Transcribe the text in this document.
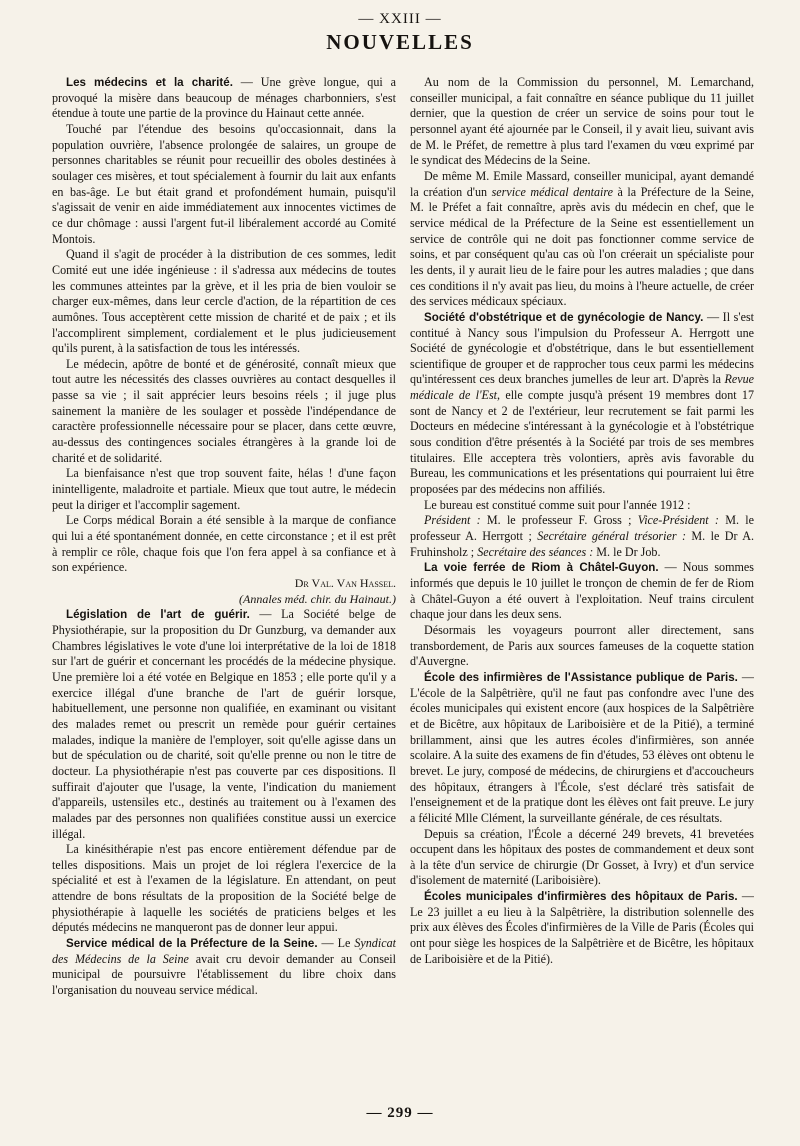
— XXIII —
NOUVELLES

Les médecins et la charité. — Une grève longue, qui a provoqué la misère dans beaucoup de ménages charbonniers, s'est étendue à toute une partie de la province du Hainaut cette année.

Touché par l'étendue des besoins qu'occasionnait, dans la population ouvrière, l'absence prolongée de salaires, un groupe de personnes charitables se réunit pour recueillir des oboles destinées à soulager ces misères, et tout spécialement à fournir du lait aux enfants en bas-âge. Le but était grand et profondément humain, puisqu'il s'agissait de venir en aide immédiatement aux innocentes victimes de ce dur chômage : aussi l'argent fut-il libéralement accordé au Comité Montois.

Quand il s'agit de procéder à la distribution de ces sommes, ledit Comité eut une idée ingénieuse : il s'adressa aux médecins de toutes les communes atteintes par la grève, et il les pria de bien vouloir se charger eux-mêmes, dans leur cercle d'action, de la répartition de ces aumônes. Tous acceptèrent cette mission de charité et de paix ; et ils l'accomplirent simplement, cordialement et le plus judicieusement qu'ils purent, à la satisfaction de tous les intéressés.

Le médecin, apôtre de bonté et de générosité, connaît mieux que tout autre les nécessités des classes ouvrières au contact desquelles il passe sa vie ; il sait apprécier leurs besoins réels ; il juge plus sainement la manière de les soulager et possède l'indépendance de caractère professionnelle nécessaire pour se placer, dans cette œuvre, au-dessus des contingences sociales étrangères à la grande loi de charité et de solidarité.

La bienfaisance n'est que trop souvent faite, hélas ! d'une façon inintelligente, maladroite et partiale. Mieux que tout autre, le médecin peut la diriger et l'accomplir sagement.

Le Corps médical Borain a été sensible à la marque de confiance qui lui a été spontanément donnée, en cette circonstance ; et il est prêt à remplir ce rôle, chaque fois que l'on fera appel à sa confiance et à son expérience.

Dr Val. Van Hassel.
(Annales méd. chir. du Hainaut.)

Législation de l'art de guérir. — La Société belge de Physiothérapie, sur la proposition du Dr Gunzburg, va demander aux Chambres législatives le vote d'une loi interprétative de la loi de 1818 sur l'art de guérir et concernant les procédés de la médecine physique. Une première loi a été votée en Belgique en 1853 ; elle porte qu'il y a exercice illégal d'une branche de l'art de guérir lorsque, habituellement, une personne non qualifiée, en examinant ou visitant des malades remet ou prescrit un remède pour guérir certaines malades, indique la manière de l'employer, soit qu'elle agisse dans un but de spéculation ou de charité, soit qu'elle prenne ou non le titre de docteur. La physiothérapie n'est pas couverte par ces dispositions. Il suffirait d'ajouter que l'usage, la vente, l'indication du maniement d'appareils, ustensiles etc., destinés au traitement ou à l'examen des malades par des personnes non qualifiées constitue aussi un exercice illégal.

La kinésithérapie n'est pas encore entièrement défendue par de telles dispositions. Mais un projet de loi réglera l'exercice de la spécialité et est à l'examen de la législature. En attendant, on peut attendre de bons résultats de la proposition de la Société belge de physiothérapie à laquelle les sociétés de praticiens belges et les députés médecins ne manqueront pas de donner leur appui.

Service médical de la Préfecture de la Seine. — Le Syndicat des Médecins de la Seine avait cru devoir demander au Conseil municipal de poursuivre l'établissement du libre choix dans l'organisation du nouveau service médical.

Au nom de la Commission du personnel, M. Lemarchand, conseiller municipal, a fait connaître en séance publique du 11 juillet dernier, que la question de créer un service de soins pour tout le personnel ayant été ajournée par le Conseil, il y avait lieu, suivant avis de M. le Préfet, de remettre à plus tard l'examen du vœu exprimé par le syndicat des Médecins de la Seine.

De même M. Emile Massard, conseiller municipal, ayant demandé la création d'un service médical dentaire à la Préfecture de la Seine, M. le Préfet a fait connaître, après avis du médecin en chef, que le service médical de la Préfecture de la Seine est essentiellement un service de contrôle qui ne doit pas fonctionner comme service de soins, et par conséquent qu'au cas où l'on créerait un spécialiste pour les dents, il y aurait lieu de le faire pour les autres maladies ; que dans ces conditions il n'y avait pas lieu, du moins à l'heure actuelle, de créer des services médicaux spéciaux.

Société d'obstétrique et de gynécologie de Nancy. — Il s'est contitué à Nancy sous l'impulsion du Professeur A. Herrgott une Société de gynécologie et d'obstétrique, dans le but essentiellement scientifique de grouper et de rapprocher tous ceux parmi les médecins qu'intéressent ces deux branches jumelles de leur art. D'après la Revue médicale de l'Est, elle compte jusqu'à présent 19 membres dont 17 sont de Nancy et 2 de l'extérieur, leur recrutement se fait parmi les Docteurs en médecine s'intéressant à la gynécologie et à l'obstétrique sous condition d'être présentés à la Société par trois de ses membres titulaires. Elle acceptera très volontiers, après avis favorable du Bureau, les communications et les présentations qui pourraient lui être proposées par des médecins non affiliés.

Le bureau est constitué comme suit pour l'année 1912 :

Président : M. le professeur F. Gross ; Vice-Président : M. le professeur A. Herrgott ; Secrétaire général trésorier : M. le Dr A. Fruhinsholz ; Secrétaire des séances : M. le Dr Job.

La voie ferrée de Riom à Châtel-Guyon. — Nous sommes informés que depuis le 10 juillet le tronçon de chemin de fer de Riom à Châtel-Guyon a été ouvert à l'exploitation. Neuf trains circulent chaque jour dans les deux sens.

Désormais les voyageurs pourront aller directement, sans transbordement, de Paris aux sources fameuses de la coquette station d'Auvergne.

École des infirmières de l'Assistance publique de Paris. — L'école de la Salpêtrière, qu'il ne faut pas confondre avec l'une des écoles municipales qui existent encore (aux hospices de la Salpêtrière et de Bicêtre, aux hôpitaux de Lariboisière et de la Pitié), a terminé brillamment, ainsi que les autres écoles d'infirmières, son année scolaire. A la suite des examens de fin d'études, 53 élèves ont obtenu le brevet. Le jury, composé de médecins, de chirurgiens et d'accoucheurs des hôpitaux, étrangers à l'École, s'est déclaré très satisfait de l'enseignement et de la pratique dont les élèves ont fait preuve. Le jury a félicité Mlle Clément, la surveillante générale, de ces résultats.

Depuis sa création, l'École a décerné 249 brevets, 41 brevetées occupent dans les hôpitaux des postes de commandement et deux sont à la tête d'un service de chirurgie (Dr Gosset, à Ivry) et d'un service d'isolement de maternité (Lariboisière).

Écoles municipales d'infirmières des hôpitaux de Paris. — Le 23 juillet a eu lieu à la Salpêtrière, la distribution solennelle des prix aux élèves des Écoles d'infirmières de la Ville de Paris (Écoles qui ont pour siège les hospices de la Salpêtrière et de Bicêtre, les hôpitaux de Lariboisière et de la Pitié).

— 299 —
